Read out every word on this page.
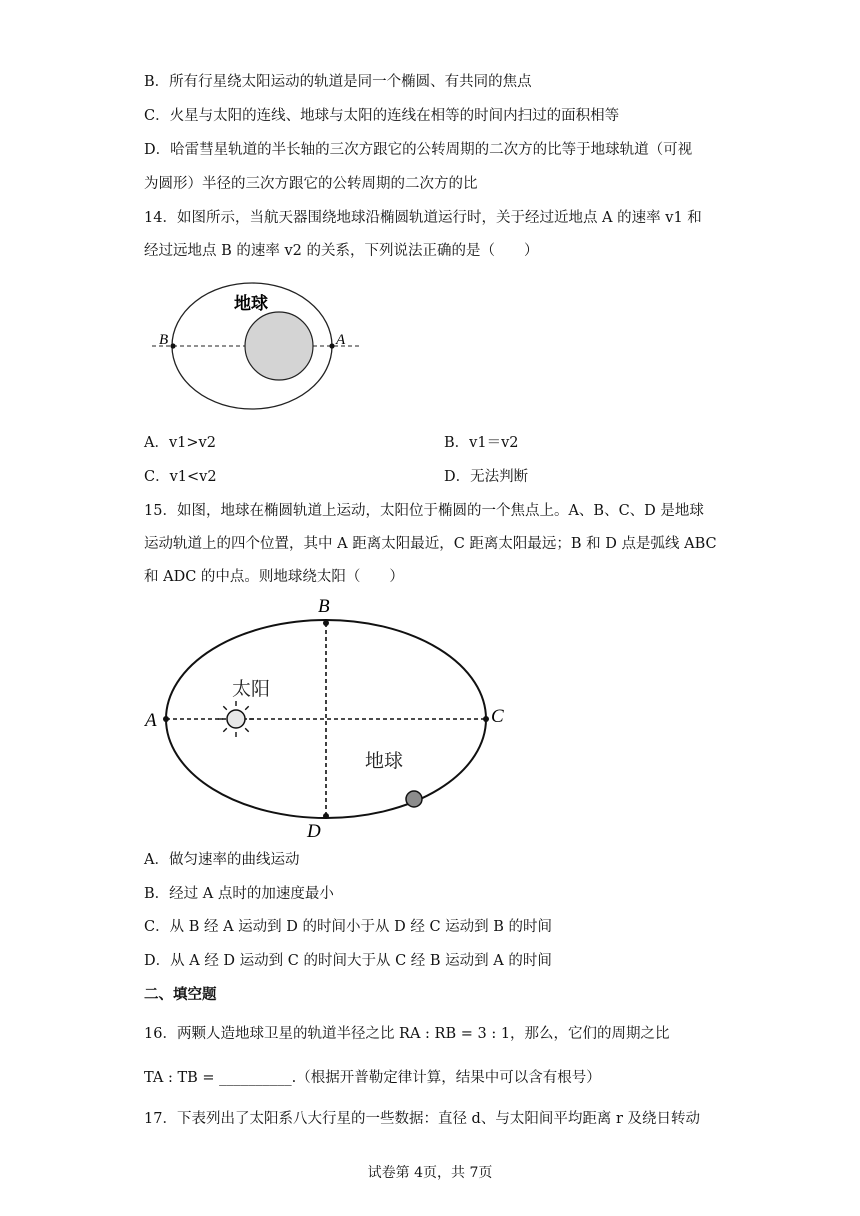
B．所有行星绕太阳运动的轨道是同一个椭圆、有共同的焦点
C．火星与太阳的连线、地球与太阳的连线在相等的时间内扫过的面积相等
D．哈雷彗星轨道的半长轴的三次方跟它的公转周期的二次方的比等于地球轨道（可视
为圆形）半径的三次方跟它的公转周期的二次方的比
14．如图所示，当航天器围绕地球沿椭圆轨道运行时，关于经过近地点 A 的速率 v1 和
经过远地点 B 的速率 v2 的关系，下列说法正确的是（　　）
地球
B	A
A．v1>v2	B．v1＝v2
C．v1<v2	D．无法判断
15．如图，地球在椭圆轨道上运动，太阳位于椭圆的一个焦点上。A、B、C、D 是地球
运动轨道上的四个位置，其中 A 距离太阳最近，C 距离太阳最远；B 和 D 点是弧线 ABC
和 ADC 的中点。则地球绕太阳（　　）
太阳
地球
A
B
C
D
A．做匀速率的曲线运动
B．经过 A 点时的加速度最小
C．从 B 经 A 运动到 D 的时间小于从 D 经 C 运动到 B 的时间
D．从 A 经 D 运动到 C 的时间大于从 C 经 B 运动到 A 的时间
二、填空题
16．两颗人造地球卫星的轨道半径之比 RA : RB = 3 : 1，那么，它们的周期之比
TA : TB = __________.（根据开普勒定律计算，结果中可以含有根号）
17．下表列出了太阳系八大行星的一些数据：直径 d、与太阳间平均距离 r 及绕日转动
试卷第 4页，共 7页
